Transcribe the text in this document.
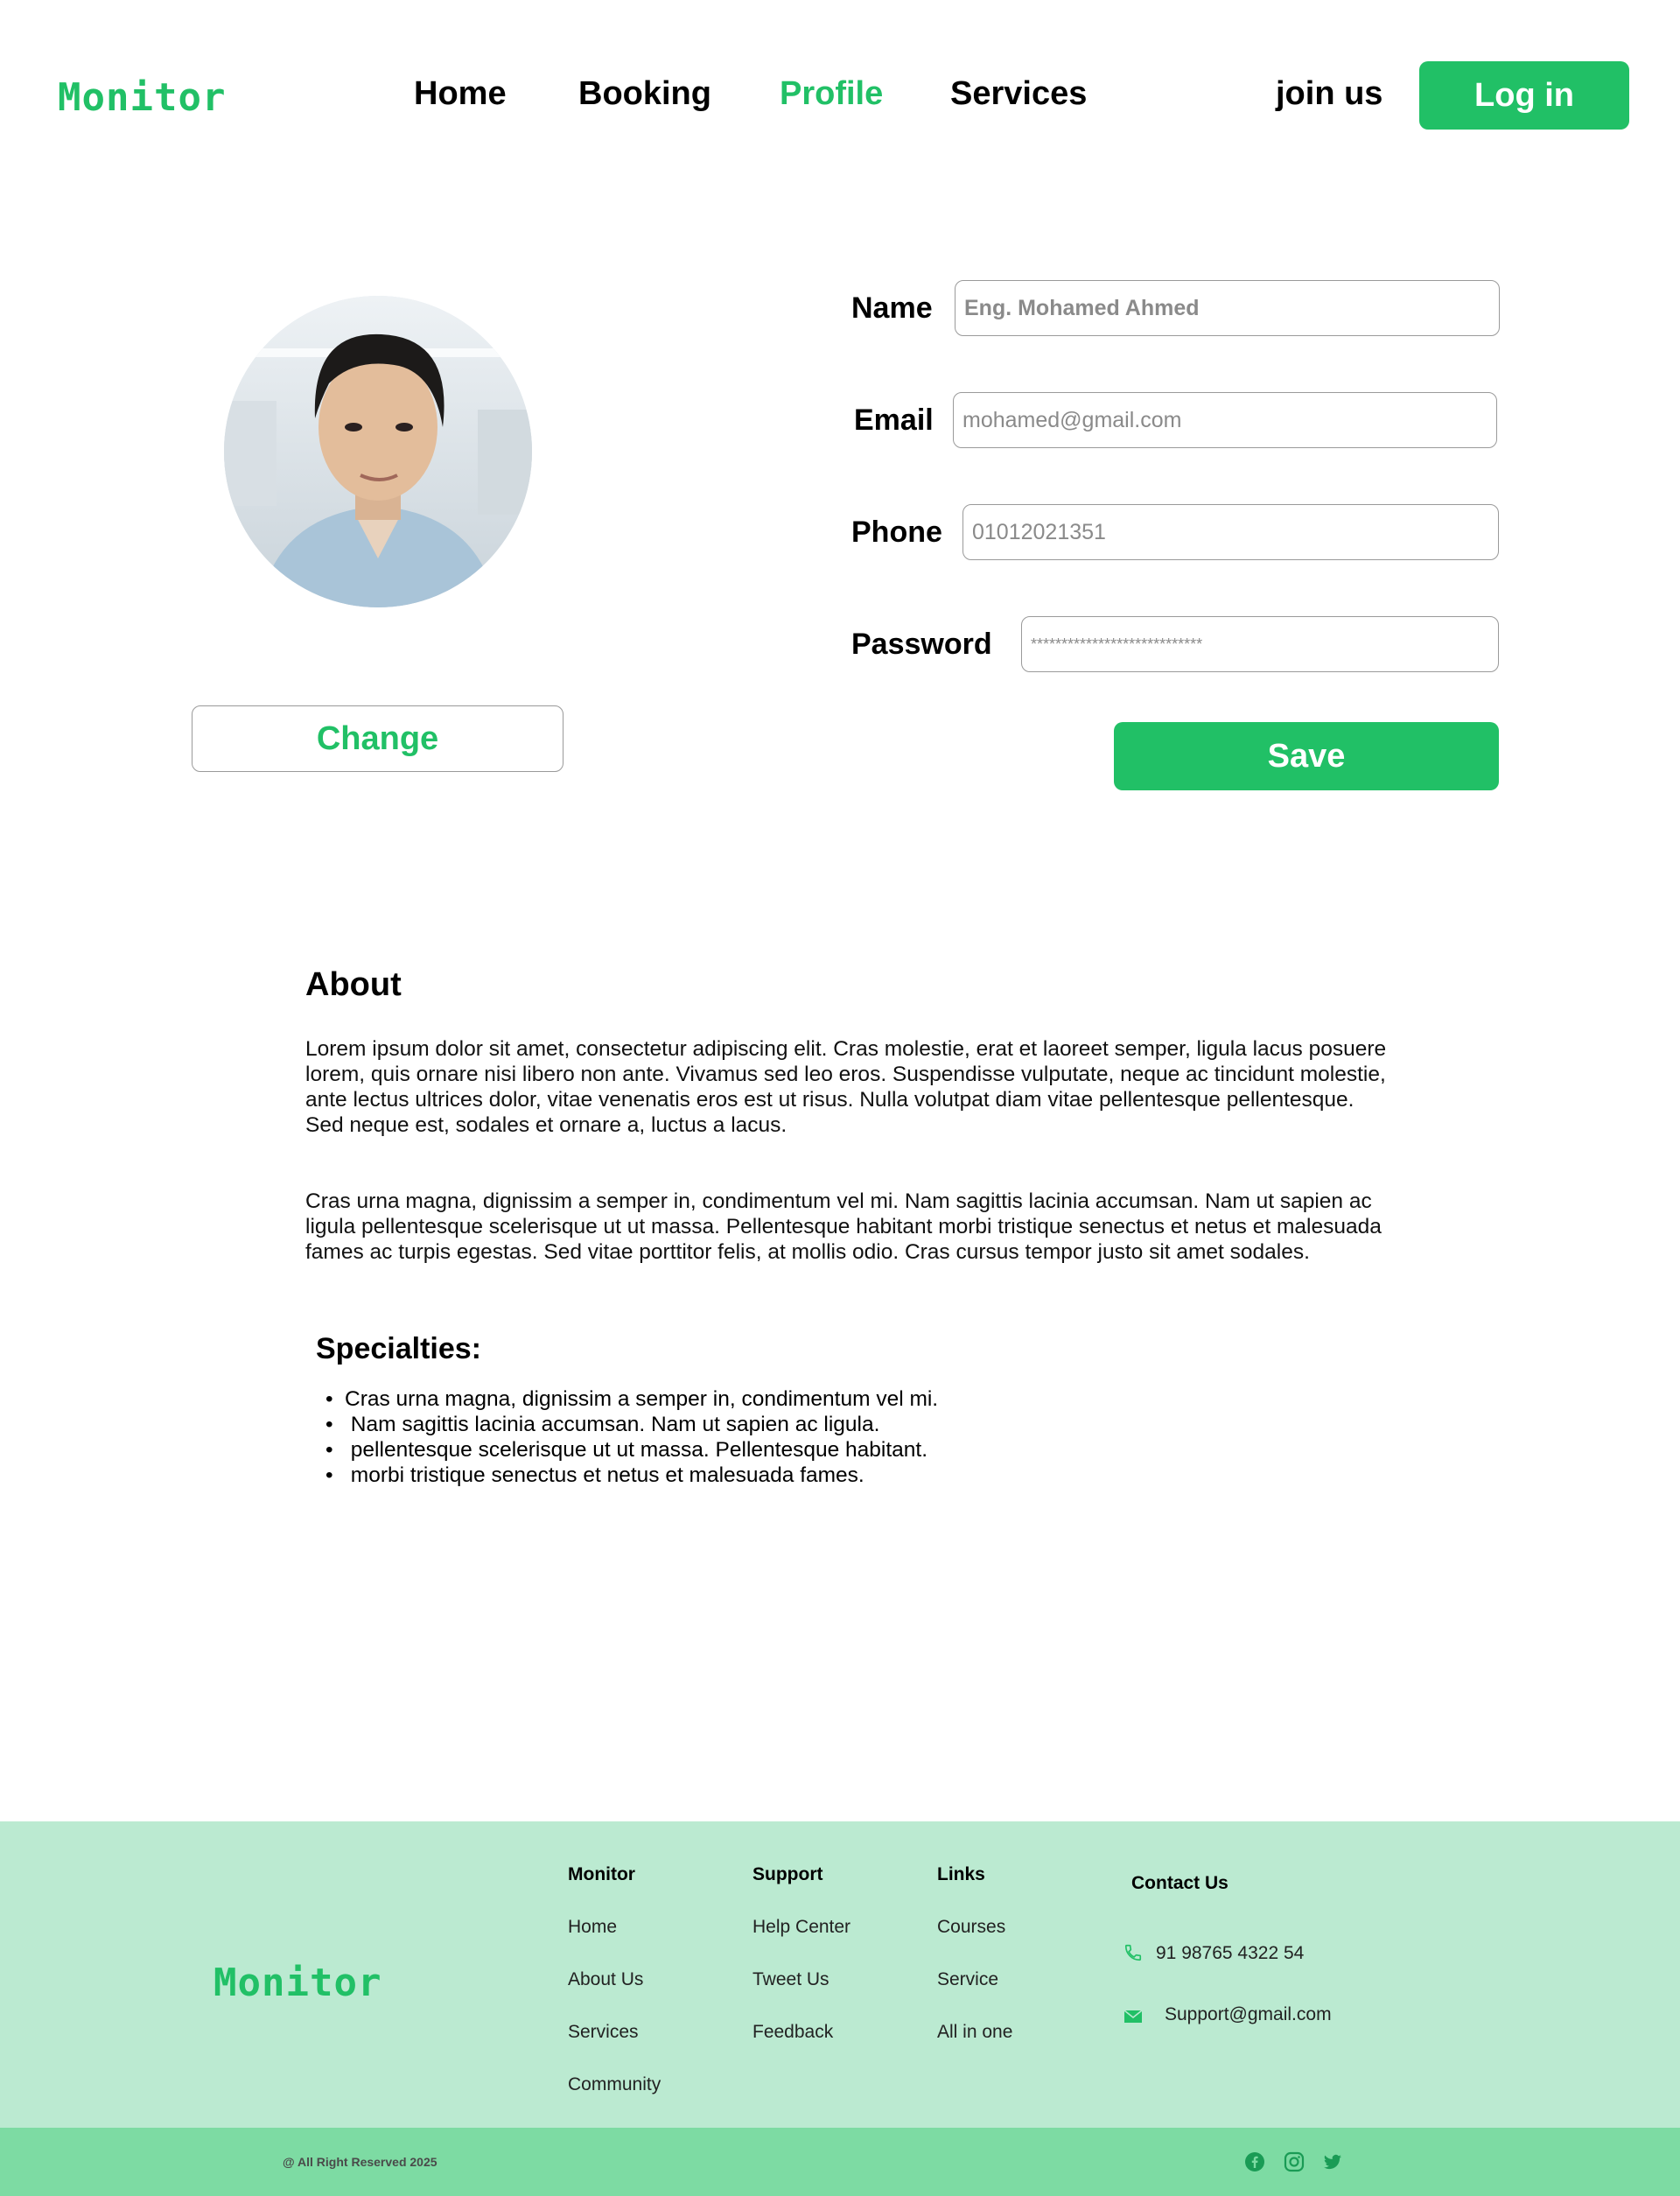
Monitor	Home Booking Profile Services	join us	Log in
Change
Name
Eng. Mohamed Ahmed
Email
mohamed@gmail.com
Phone
01012021351
Password
****************************
Save
About
Lorem ipsum dolor sit amet, consectetur adipiscing elit. Cras molestie, erat et laoreet semper, ligula lacus posuere lorem, quis ornare nisi libero non ante. Vivamus sed leo eros. Suspendisse vulputate, neque ac tincidunt molestie, ante lectus ultrices dolor, vitae venenatis eros est ut risus. Nulla volutpat diam vitae pellentesque pellentesque. Sed neque est, sodales et ornare a, luctus a lacus.
Cras urna magna, dignissim a semper in, condimentum vel mi. Nam sagittis lacinia accumsan. Nam ut sapien ac ligula pellentesque scelerisque ut ut massa. Pellentesque habitant morbi tristique senectus et netus et malesuada fames ac turpis egestas. Sed vitae porttitor felis, at mollis odio. Cras cursus tempor justo sit amet sodales.
Specialties:
• Cras urna magna, dignissim a semper in, condimentum vel mi.
• Nam sagittis lacinia accumsan. Nam ut sapien ac ligula.
• pellentesque scelerisque ut ut massa. Pellentesque habitant.
• morbi tristique senectus et netus et malesuada fames.
Monitor
Monitor
Home
About Us
Services
Community
Support
Help Center
Tweet Us
Feedback
Links
Courses
Service
All in one
Contact Us
91 98765 4322 54
Support@gmail.com
@ All Right Reserved 2025
